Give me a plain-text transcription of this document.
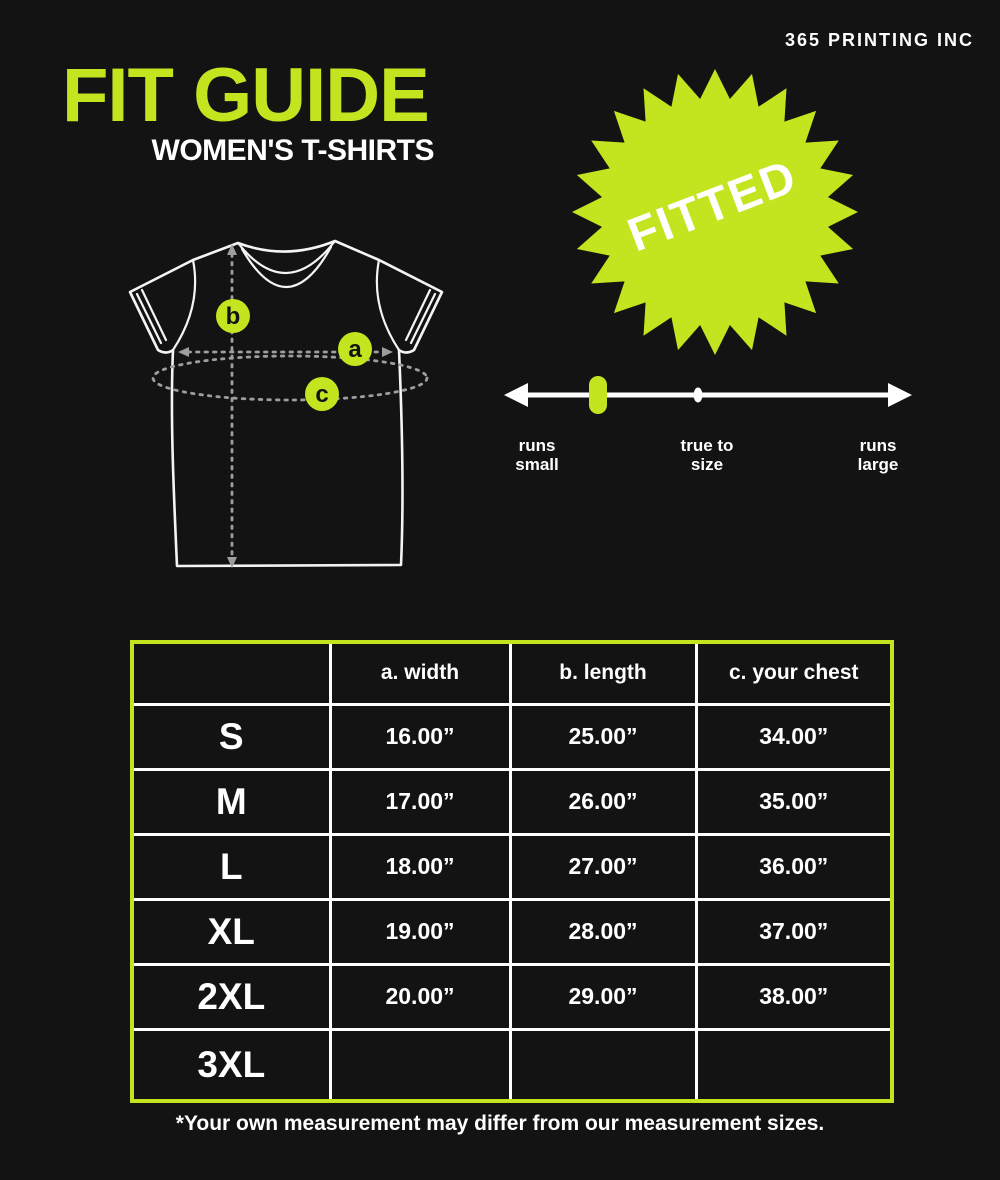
365 PRINTING INC
FIT GUIDE
WOMEN'S T-SHIRTS
b
a
c
FITTED
runs
small
true to
size
runs
large
	a. width	b. length	c. your chest
S	16.00”	25.00”	34.00”
M	17.00”	26.00”	35.00”
L	18.00”	27.00”	36.00”
XL	19.00”	28.00”	37.00”
2XL	20.00”	29.00”	38.00”
3XL			
*Your own measurement may differ from our measurement sizes.
